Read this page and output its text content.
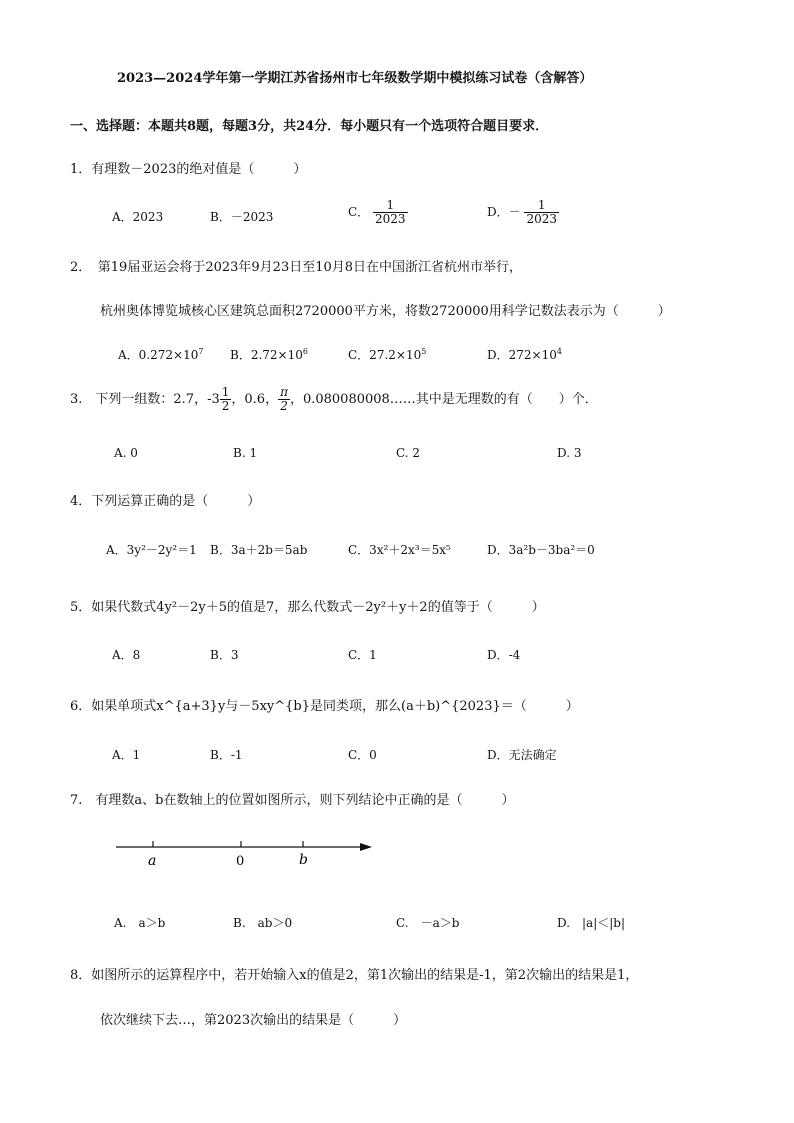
2023—2024学年第一学期江苏省扬州市七年级数学期中模拟练习试卷（含解答）
一、选择题：本题共8题，每题3分，共24分．每小题只有一个选项符合题目要求．
1．有理数－2023的绝对值是（　　　）
A．2023	B．－2023	C． $\frac{1}{2023}$	D．－ $\frac{1}{2023}$
2．　第19届亚运会将于2023年9月23日至10月8日在中国浙江省杭州市举行，
杭州奥体博览城核心区建筑总面积2720000平方米，将数2720000用科学记数法表示为（　　　）
A．$0.272\times 10^7$ B．$2.72\times 10^6$	C．$27.2\times 10^5$	D．$272\times 10^4$
3.　下列一组数：2.7，$-3 \frac{1}{2}$ ，0.6， $\frac{\pi}{2}$ ，0.080080008……其中是无理数的有（　　）个．
A. 0	B. 1	C. 2	D. 3
4．下列运算正确的是（　　　）
A．3y²－2y²＝1 B．3a＋2b＝5ab	C．3x²＋2x³＝5x⁵	D．3a²b－3ba²＝0
5．如果代数式4y²－2y＋5的值是7，那么代数式－2y²＋y＋2的值等于（　　　）
A．8	B．3	C．1	D．-4
6．如果单项式x^{a+3}y与－5xy^{b}是同类项，那么(a＋b)^{2023}＝（　　　）
A．1	B．-1	C．0	D．无法确定
7.　有理数a、b在数轴上的位置如图所示，则下列结论中正确的是（　　　）
a	0	b
A.　a＞b	B.　ab＞0	C.　－a＞b	D.　|a|＜|b|
8．如图所示的运算程序中，若开始输入x的值是2，第1次输出的结果是-1，第2次输出的结果是1，
依次继续下去…，第2023次输出的结果是（　　　）
